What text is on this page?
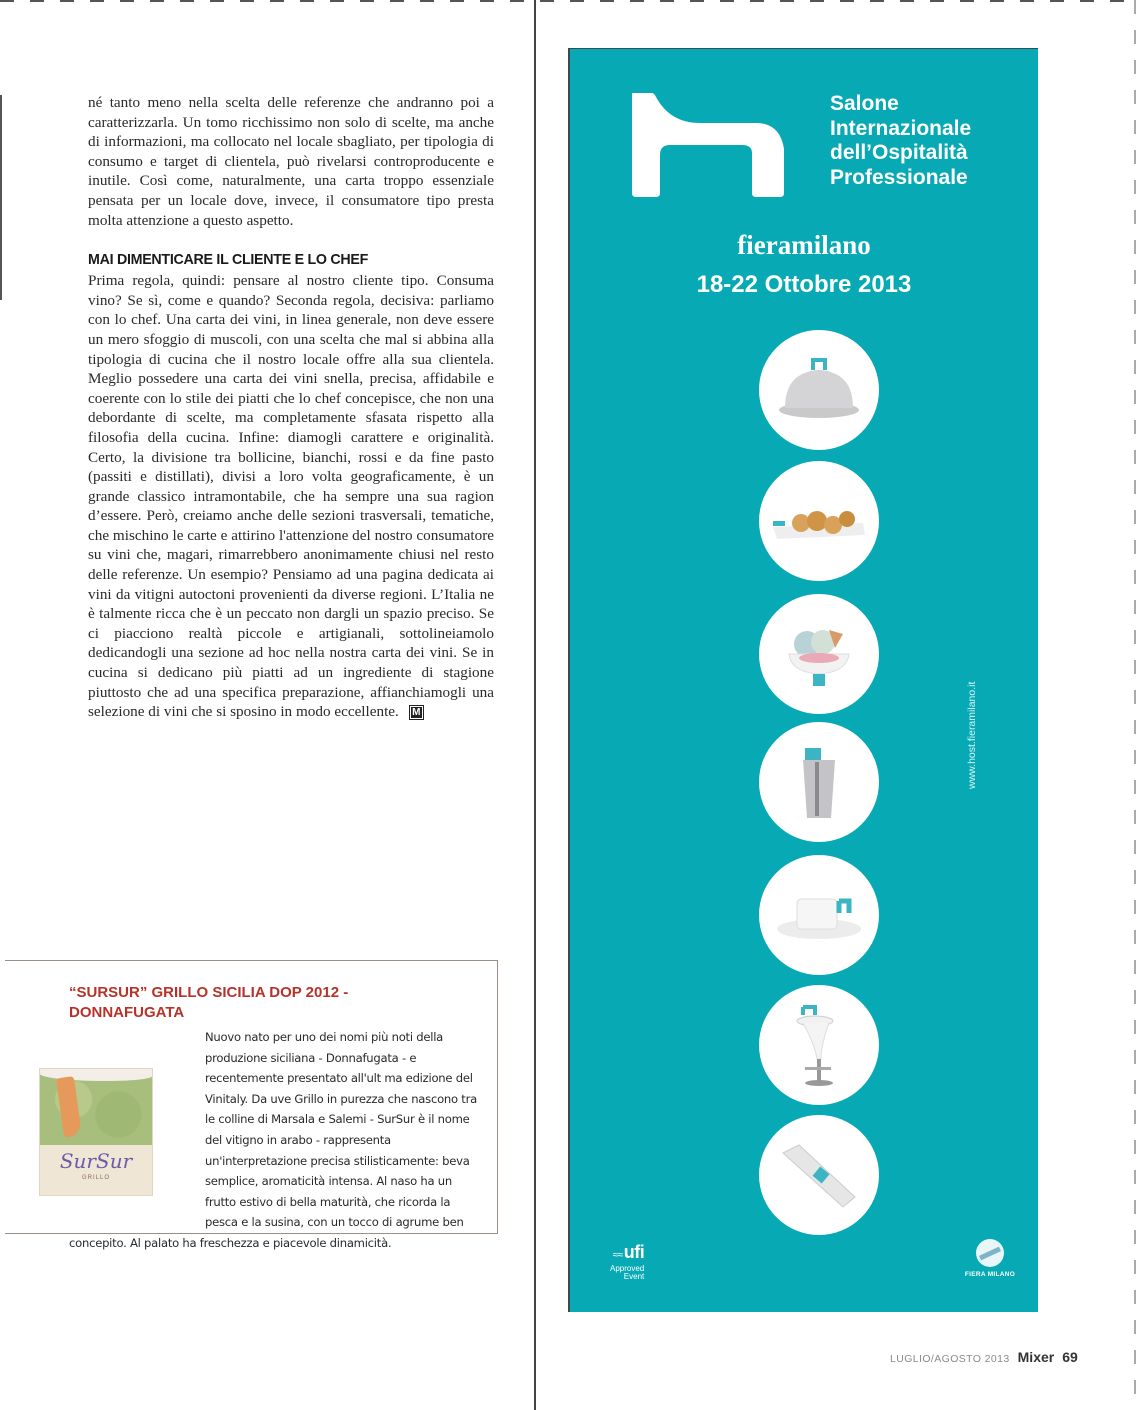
né tanto meno nella scelta delle referenze che andranno poi a caratterizzarla. Un tomo ricchissimo non solo di scelte, ma anche di informazioni, ma collocato nel locale sbagliato, per tipologia di consumo e target di clientela, può rivelarsi controproducente e inutile. Così come, naturalmente, una carta troppo essenziale pensata per un locale dove, invece, il consumatore tipo presta molta attenzione a questo aspetto.

MAI DIMENTICARE IL CLIENTE E LO CHEF

Prima regola, quindi: pensare al nostro cliente tipo. Consuma vino? Se sì, come e quando? Seconda regola, decisiva: parliamo con lo chef. Una carta dei vini, in linea generale, non deve essere un mero sfoggio di muscoli, con una scelta che mal si abbina alla tipologia di cucina che il nostro locale offre alla sua clientela. Meglio possedere una carta dei vini snella, precisa, affidabile e coerente con lo stile dei piatti che lo chef concepisce, che non una debordante di scelte, ma completamente sfasata rispetto alla filosofia della cucina. Infine: diamogli carattere e originalità. Certo, la divisione tra bollicine, bianchi, rossi e da fine pasto (passiti e distillati), divisi a loro volta geograficamente, è un grande classico intramontabile, che ha sempre una sua ragion d’essere. Però, creiamo anche delle sezioni trasversali, tematiche, che mischino le carte e attirino l'attenzione del nostro consumatore su vini che, magari, rimarrebbero anonimamente chiusi nel resto delle referenze. Un esempio? Pensiamo ad una pagina dedicata ai vini da vitigni autoctoni provenienti da diverse regioni. L’Italia ne è talmente ricca che è un peccato non dargli un spazio preciso. Se ci piacciono realtà piccole e artigianali, sottolineiamolo dedicandogli una sezione ad hoc nella nostra carta dei vini. Se in cucina si dedicano più piatti ad un ingrediente di stagione piuttosto che ad una specifica preparazione, affianchiamogli una selezione di vini che si sposino in modo eccellente. M

“SURSUR” GRILLO SICILIA DOP 2012 - DONNAFUGATA
SurSur
GRILLO
Nuovo nato per uno dei nomi più noti della produzione siciliana - Donnafugata - e recentemente presentato all'ult ma edizione del Vinitaly. Da uve Grillo in purezza che nascono tra le colline di Marsala e Salemi - SurSur è il nome del vitigno in arabo - rappresenta un'interpretazione precisa stilisticamente: beva semplice, aromaticità intensa. Al naso ha un frutto estivo di bella maturità, che ricorda la pesca e la susina, con un tocco di agrume ben concepito. Al palato ha freschezza e piacevole dinamicità.
host
Salone
Internazionale
dell’Ospitalità
Professionale
fieramilano
18-22 Ottobre 2013
www.host.fieramilano.it
≈≈ufi
Approved
Event	FIERA MILANO
LUGLIO/AGOSTO 2013 Mixer 69
